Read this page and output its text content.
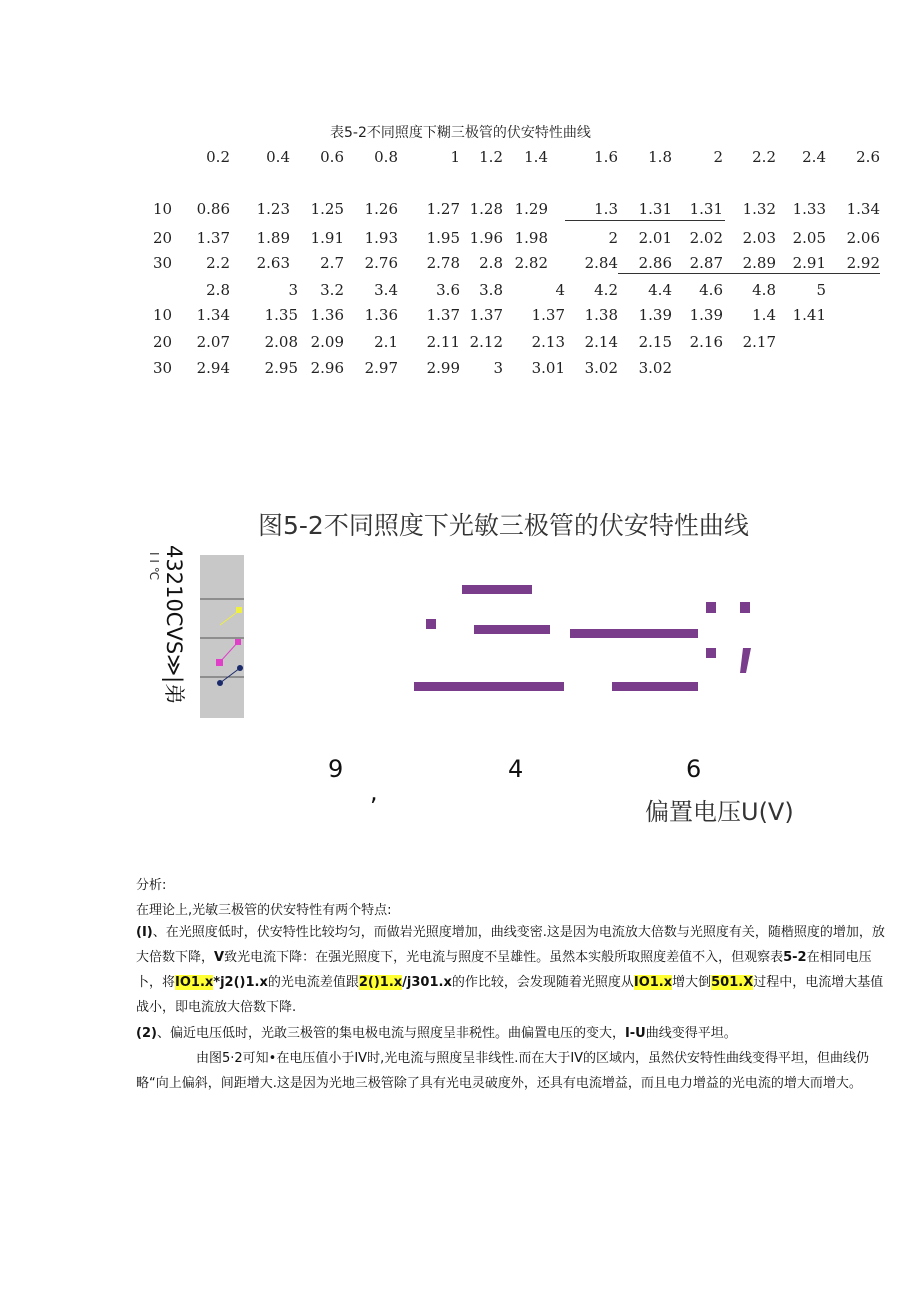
表5-2不同照度下糊三极管的伏安特性曲线
0.2	0.4	0.6	0.8	1	1.2	1.4	1.6	1.8	2	2.2	2.4	2.6
10	0.86	1.23	1.25	1.26	1.27 1.28 1.29	1.3	1.31	1.31	1.32	1.33	1.34
20	1.37	1.89	1.91	1.93	1.95 1.96 1.98	2	2.01	2.02	2.03	2.05	2.06
30	2.2	2.63	2.7	2.76	2.78	2.8 2.82	2.84	2.86	2.87	2.89	2.91	2.92
2.8	3	3.2	3.4	3.6	3.8	4	4.2	4.4	4.6	4.8	5
10	1.34	1.35 1.36	1.36	1.37 1.37	1.37	1.38	1.39	1.39	1.4	1.41
20	2.07	2.08 2.09	2.1	2.11 2.12	2.13	2.14	2.15	2.16	2.17
30	2.94	2.95 2.96	2.97	2.99	3	3.01	3.02	3.02
图5-2不同照度下光敏三极管的伏安特性曲线
43210CVS≫|弟
I I ℃
9	4	6
,
偏置电压U(V)
分析:
在理论上,光敏三极管的伏安特性有两个特点:
(I)、在光照度低时，伏安特性比较均匀，而做岩光照度增加，曲线变密.这是因为电流放大倍数与光照度有关，随楷照度的增加，放大倍数下降，V致光电流下降：在强光照度下，光电流与照度不呈雄性。虽然本实般所取照度差值不入，但观察表5-2在相同电压卜，将IO1.x*j2()1.x的光电流差值跟2()1.x/j301.x的作比较，会发现随着光照度从IO1.x增大倒501.X过程中，电流增大基值战小，即电流放大倍数下降.
(2)、偏近电压低时，光敢三极管的集电极电流与照度呈非税性。曲偏置电压的变大，I-U曲线变得平坦。
由图5·2可知•在电压值小于IV时,光电流与照度呈非线性.而在大于IV的区域内，虽然伏安特性曲线变得平坦，但曲线仍略“向上偏斜，间距增大.这是因为光地三极管除了具有光电灵破度外，还具有电流增益，而且电力增益的光电流的增大而增大。
